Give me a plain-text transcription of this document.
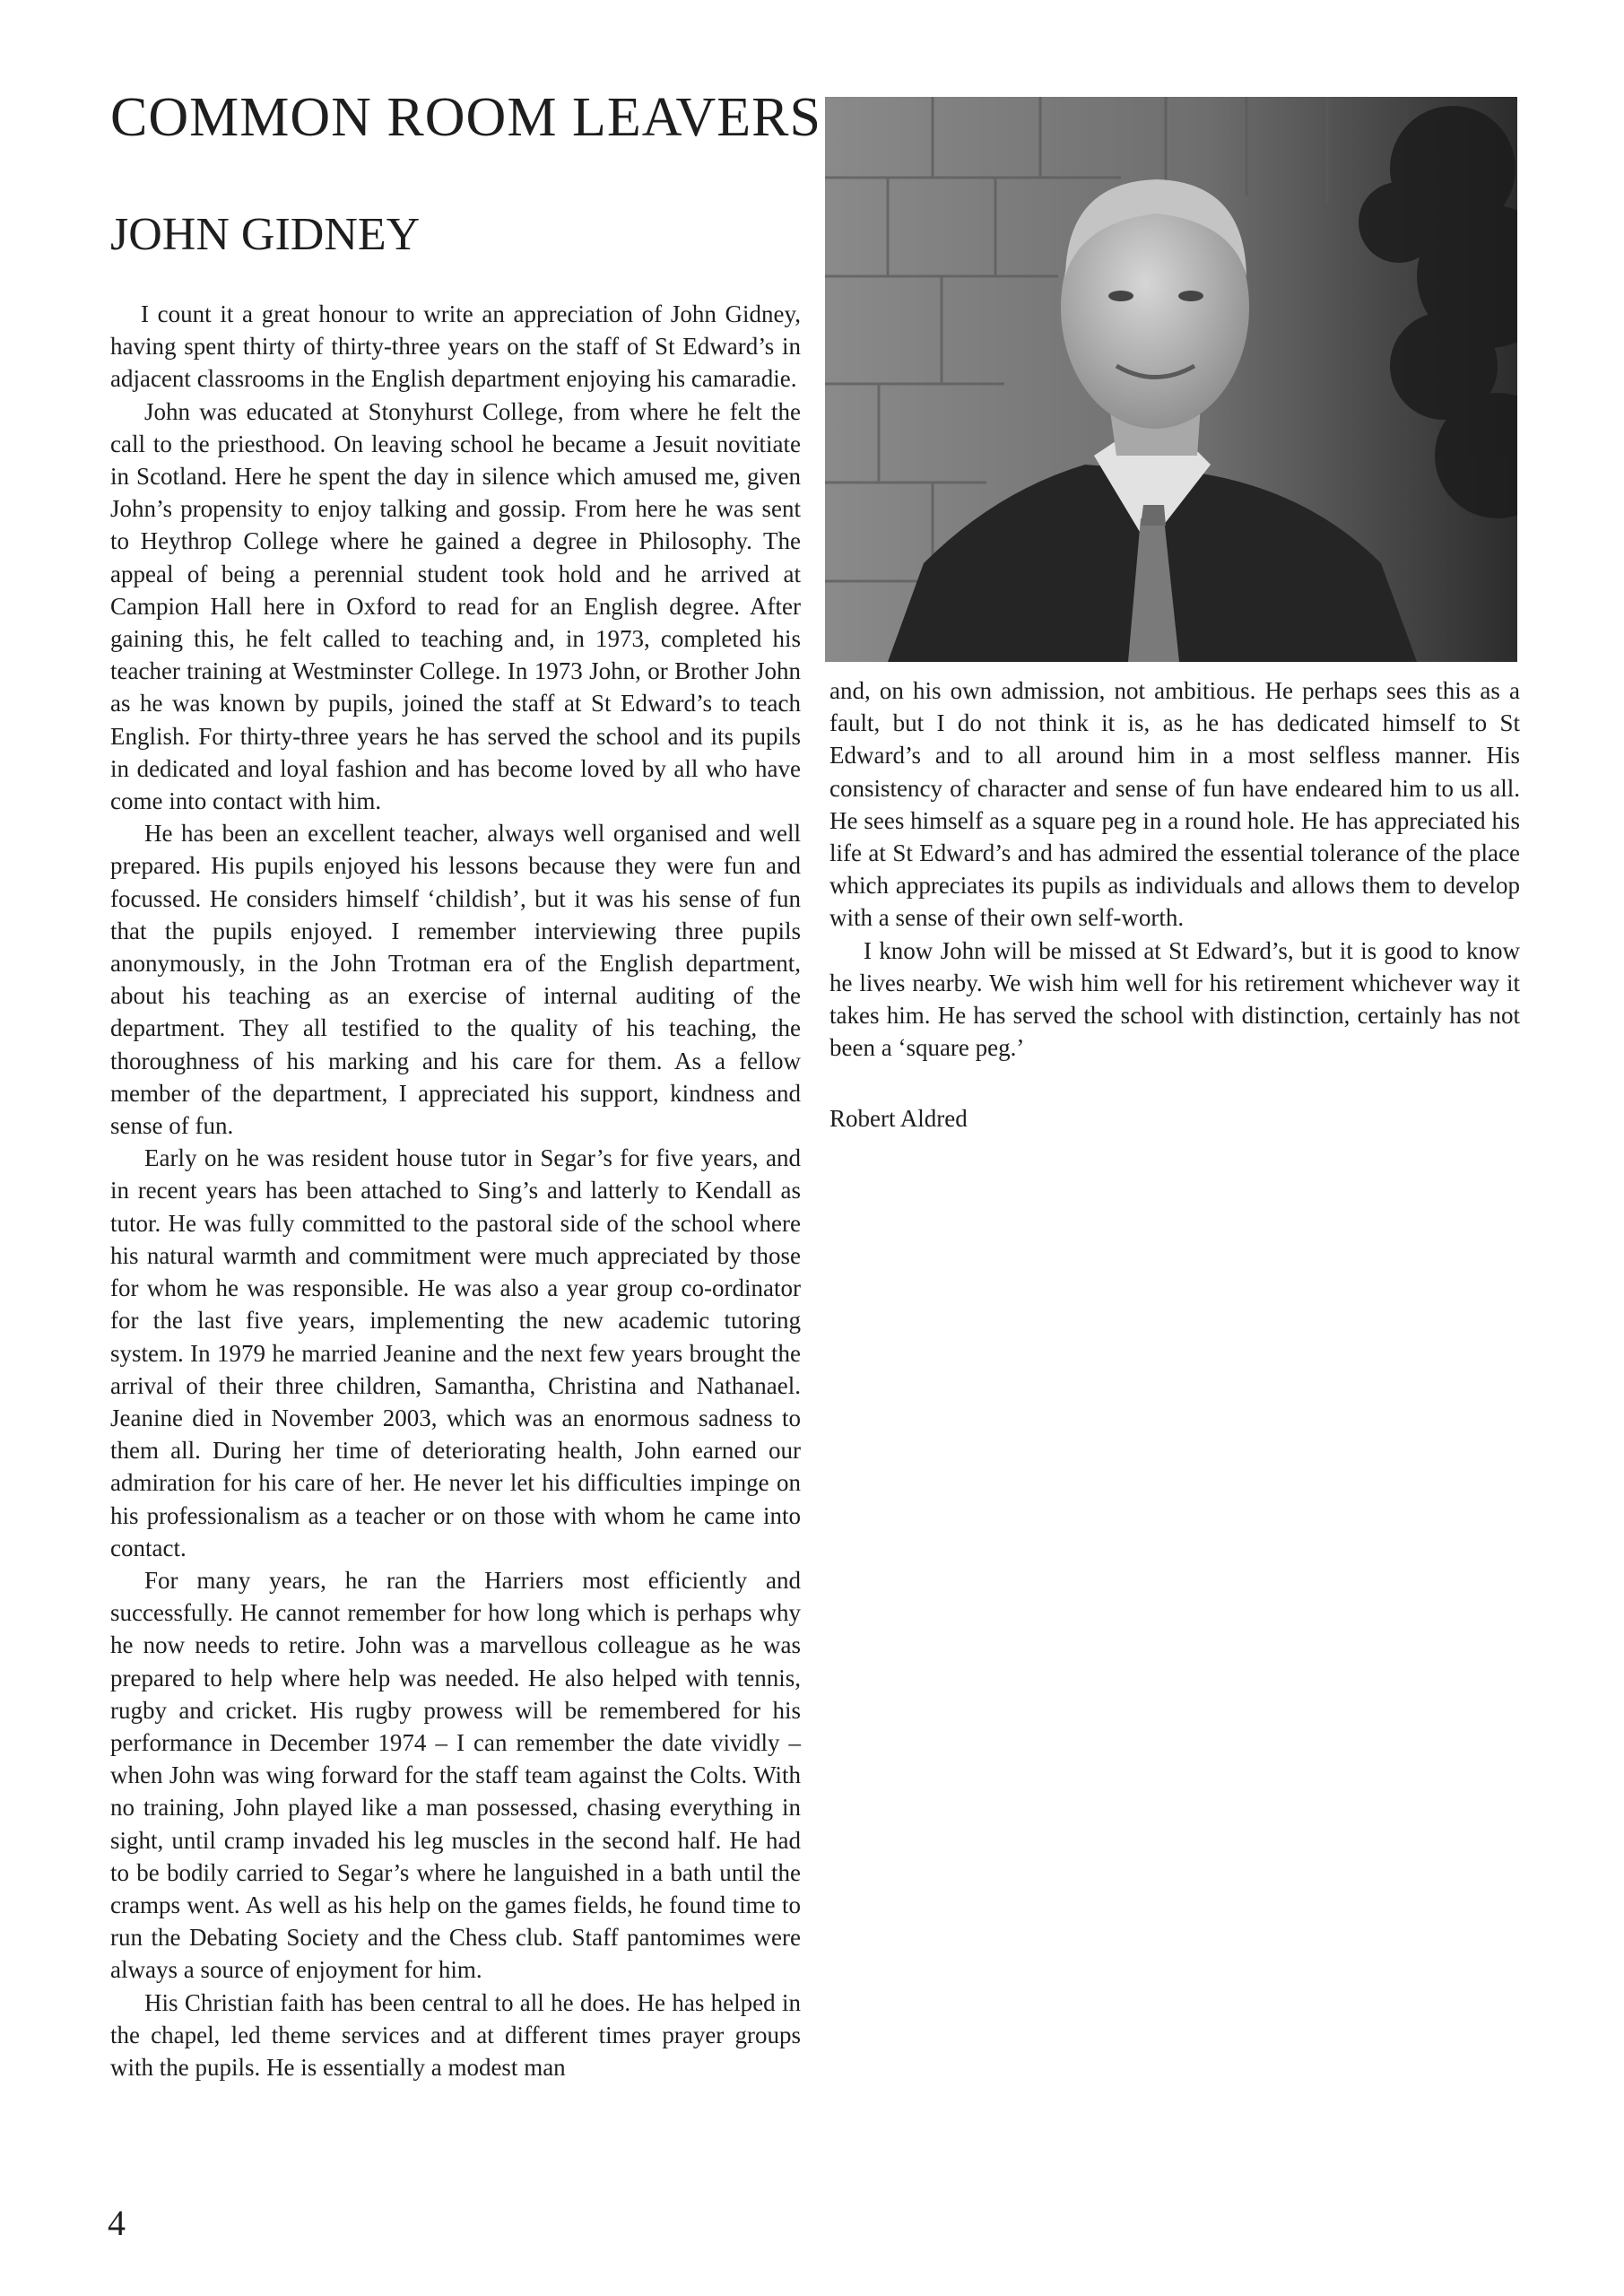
COMMON ROOM LEAVERS
JOHN GIDNEY

I count it a great honour to write an appreciation of John Gidney, having spent thirty of thirty-three years on the staff of St Edward’s in adjacent classrooms in the English department enjoying his camaradie.

John was educated at Stonyhurst College, from where he felt the call to the priesthood. On leaving school he became a Jesuit novitiate in Scotland. Here he spent the day in silence which amused me, given John’s propensity to enjoy talking and gossip. From here he was sent to Heythrop College where he gained a degree in Philosophy. The appeal of being a perennial student took hold and he arrived at Campion Hall here in Oxford to read for an English degree. After gaining this, he felt called to teaching and, in 1973, completed his teacher training at Westminster College. In 1973 John, or Brother John as he was known by pupils, joined the staff at St Edward’s to teach English. For thirty-three years he has served the school and its pupils in dedicated and loyal fashion and has become loved by all who have come into contact with him.

He has been an excellent teacher, always well organised and well prepared. His pupils enjoyed his lessons because they were fun and focussed. He considers himself ‘childish’, but it was his sense of fun that the pupils enjoyed. I remember interviewing three pupils anonymously, in the John Trotman era of the English department, about his teaching as an exercise of internal auditing of the department. They all testified to the quality of his teaching, the thoroughness of his marking and his care for them. As a fellow member of the department, I appreciated his support, kindness and sense of fun.

Early on he was resident house tutor in Segar’s for five years, and in recent years has been attached to Sing’s and latterly to Kendall as tutor. He was fully committed to the pastoral side of the school where his natural warmth and commitment were much appreciated by those for whom he was responsible. He was also a year group co-ordinator for the last five years, implementing the new academic tutoring system. In 1979 he married Jeanine and the next few years brought the arrival of their three children, Samantha, Christina and Nathanael. Jeanine died in November 2003, which was an enormous sadness to them all. During her time of deteriorating health, John earned our admiration for his care of her. He never let his difficulties impinge on his professionalism as a teacher or on those with whom he came into contact.

For many years, he ran the Harriers most efficiently and successfully. He cannot remember for how long which is perhaps why he now needs to retire. John was a marvellous colleague as he was prepared to help where help was needed. He also helped with tennis, rugby and cricket. His rugby prowess will be remembered for his performance in December 1974 – I can remember the date vividly – when John was wing forward for the staff team against the Colts. With no training, John played like a man possessed, chasing everything in sight, until cramp invaded his leg muscles in the second half. He had to be bodily carried to Segar’s where he languished in a bath until the cramps went. As well as his help on the games fields, he found time to run the Debating Society and the Chess club. Staff pantomimes were always a source of enjoyment for him.

His Christian faith has been central to all he does. He has helped in the chapel, led theme services and at different times prayer groups with the pupils. He is essentially a modest man

and, on his own admission, not ambitious. He perhaps sees this as a fault, but I do not think it is, as he has dedicated himself to St Edward’s and to all around him in a most selfless manner. His consistency of character and sense of fun have endeared him to us all. He sees himself as a square peg in a round hole. He has appreciated his life at St Edward’s and has admired the essential tolerance of the place which appreciates its pupils as individuals and allows them to develop with a sense of their own self-worth.

I know John will be missed at St Edward’s, but it is good to know he lives nearby. We wish him well for his retirement whichever way it takes him. He has served the school with distinction, certainly has not been a ‘square peg.’

Robert Aldred
4
